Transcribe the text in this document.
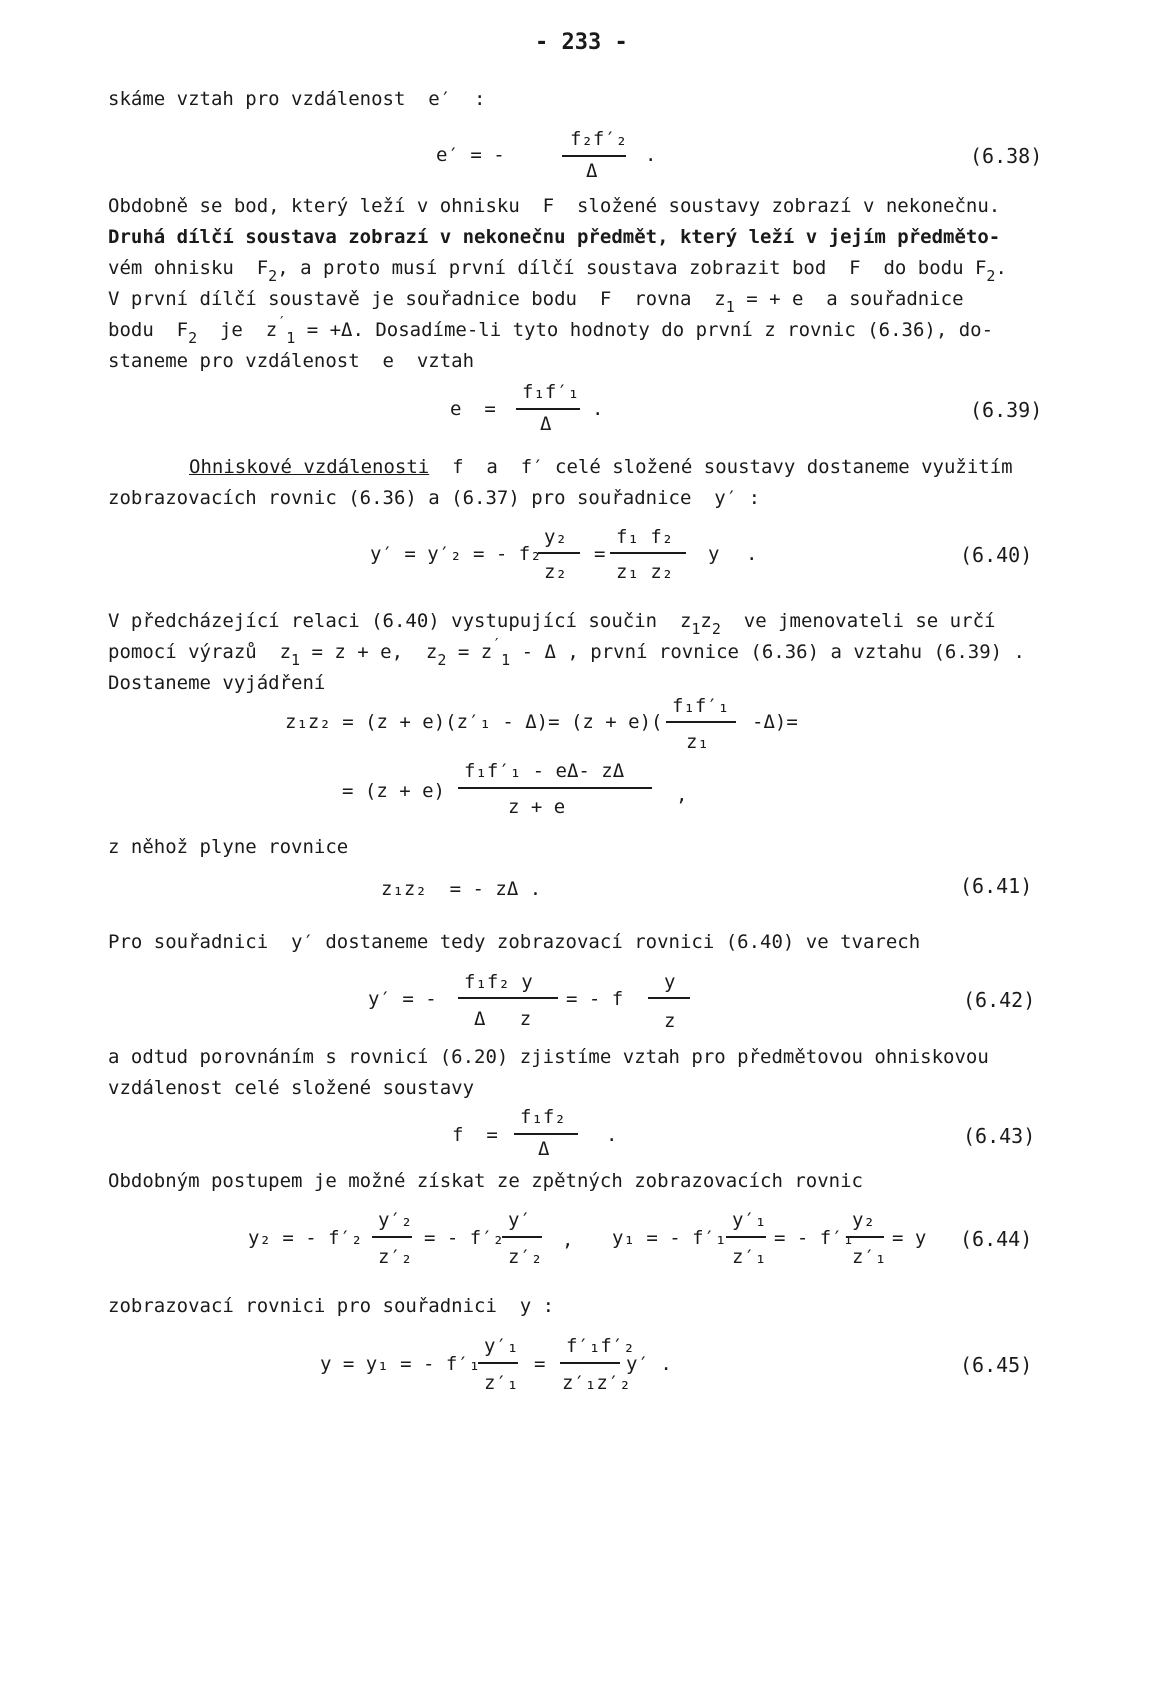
- 233 -
skáme vztah pro vzdálenost  e′  :
e′ = -
f₂f′₂
Δ
.	(6.38)
Obdobně se bod, který leží v ohnisku  F  složené soustavy zobrazí v nekonečnu.
Druhá dílčí soustava zobrazí v nekonečnu předmět, který leží v jejím předměto-
vém ohnisku  $F_2$, a proto musí první dílčí soustava zobrazit bod  F  do bodu $F_2$.
V první dílčí soustavě je souřadnice bodu  F  rovna  $z_1$ = + e  a souřadnice
bodu  $F_2$  je  $z'_1 = +\Delta$. Dosadíme-li tyto hodnoty do první z rovnic (6.36), do-
staneme pro vzdálenost  e  vztah
e  =
f₁f′₁
Δ
.	(6.39)
Ohniskové vzdálenosti  f  a  f′ celé složené soustavy dostaneme využitím
zobrazovacích rovnic (6.36) a (6.37) pro souřadnice  y′ :
y′ = y′₂ = - f₂
y₂
z₂
=
f₁ f₂
z₁ z₂
y .	(6.40)
V předcházející relaci (6.40) vystupující součin  $z_1z_2$  ve jmenovateli se určí
pomocí výrazů  $z_1 = z + e$,  $z_2 = z'_1 - \Delta$ , první rovnice (6.36) a vztahu (6.39) .
Dostaneme vyjádření
z₁z₂ = (z + e)(z′₁ - Δ)= (z + e)(
f₁f′₁
z₁
-Δ)=
= (z + e)
f₁f′₁ - eΔ- zΔ
z + e
,
z něhož plyne rovnice
z₁z₂  = - zΔ .	(6.41)
Pro souřadnici  y′ dostaneme tedy zobrazovací rovnici (6.40) ve tvarech
y′ = -
f₁f₂ y
Δ   z
= - f
y
z
(6.42)
a odtud porovnáním s rovnicí (6.20) zjistíme vztah pro předmětovou ohniskovou
vzdálenost celé složené soustavy
f  =
f₁f₂
Δ
.	(6.43)
Obdobným postupem je možné získat ze zpětných zobrazovacích rovnic
y₂ = - f′₂
y′₂
z′₂
= - f′₂
y′
z′₂
, y₁ = - f′₁
y′₁
z′₁
= - f′₁
y₂
z′₁
= y (6.44)
zobrazovací rovnici pro souřadnici  y :
y = y₁ = - f′₁
y′₁
z′₁
=
f′₁f′₂
z′₁z′₂
y′ .	(6.45)
